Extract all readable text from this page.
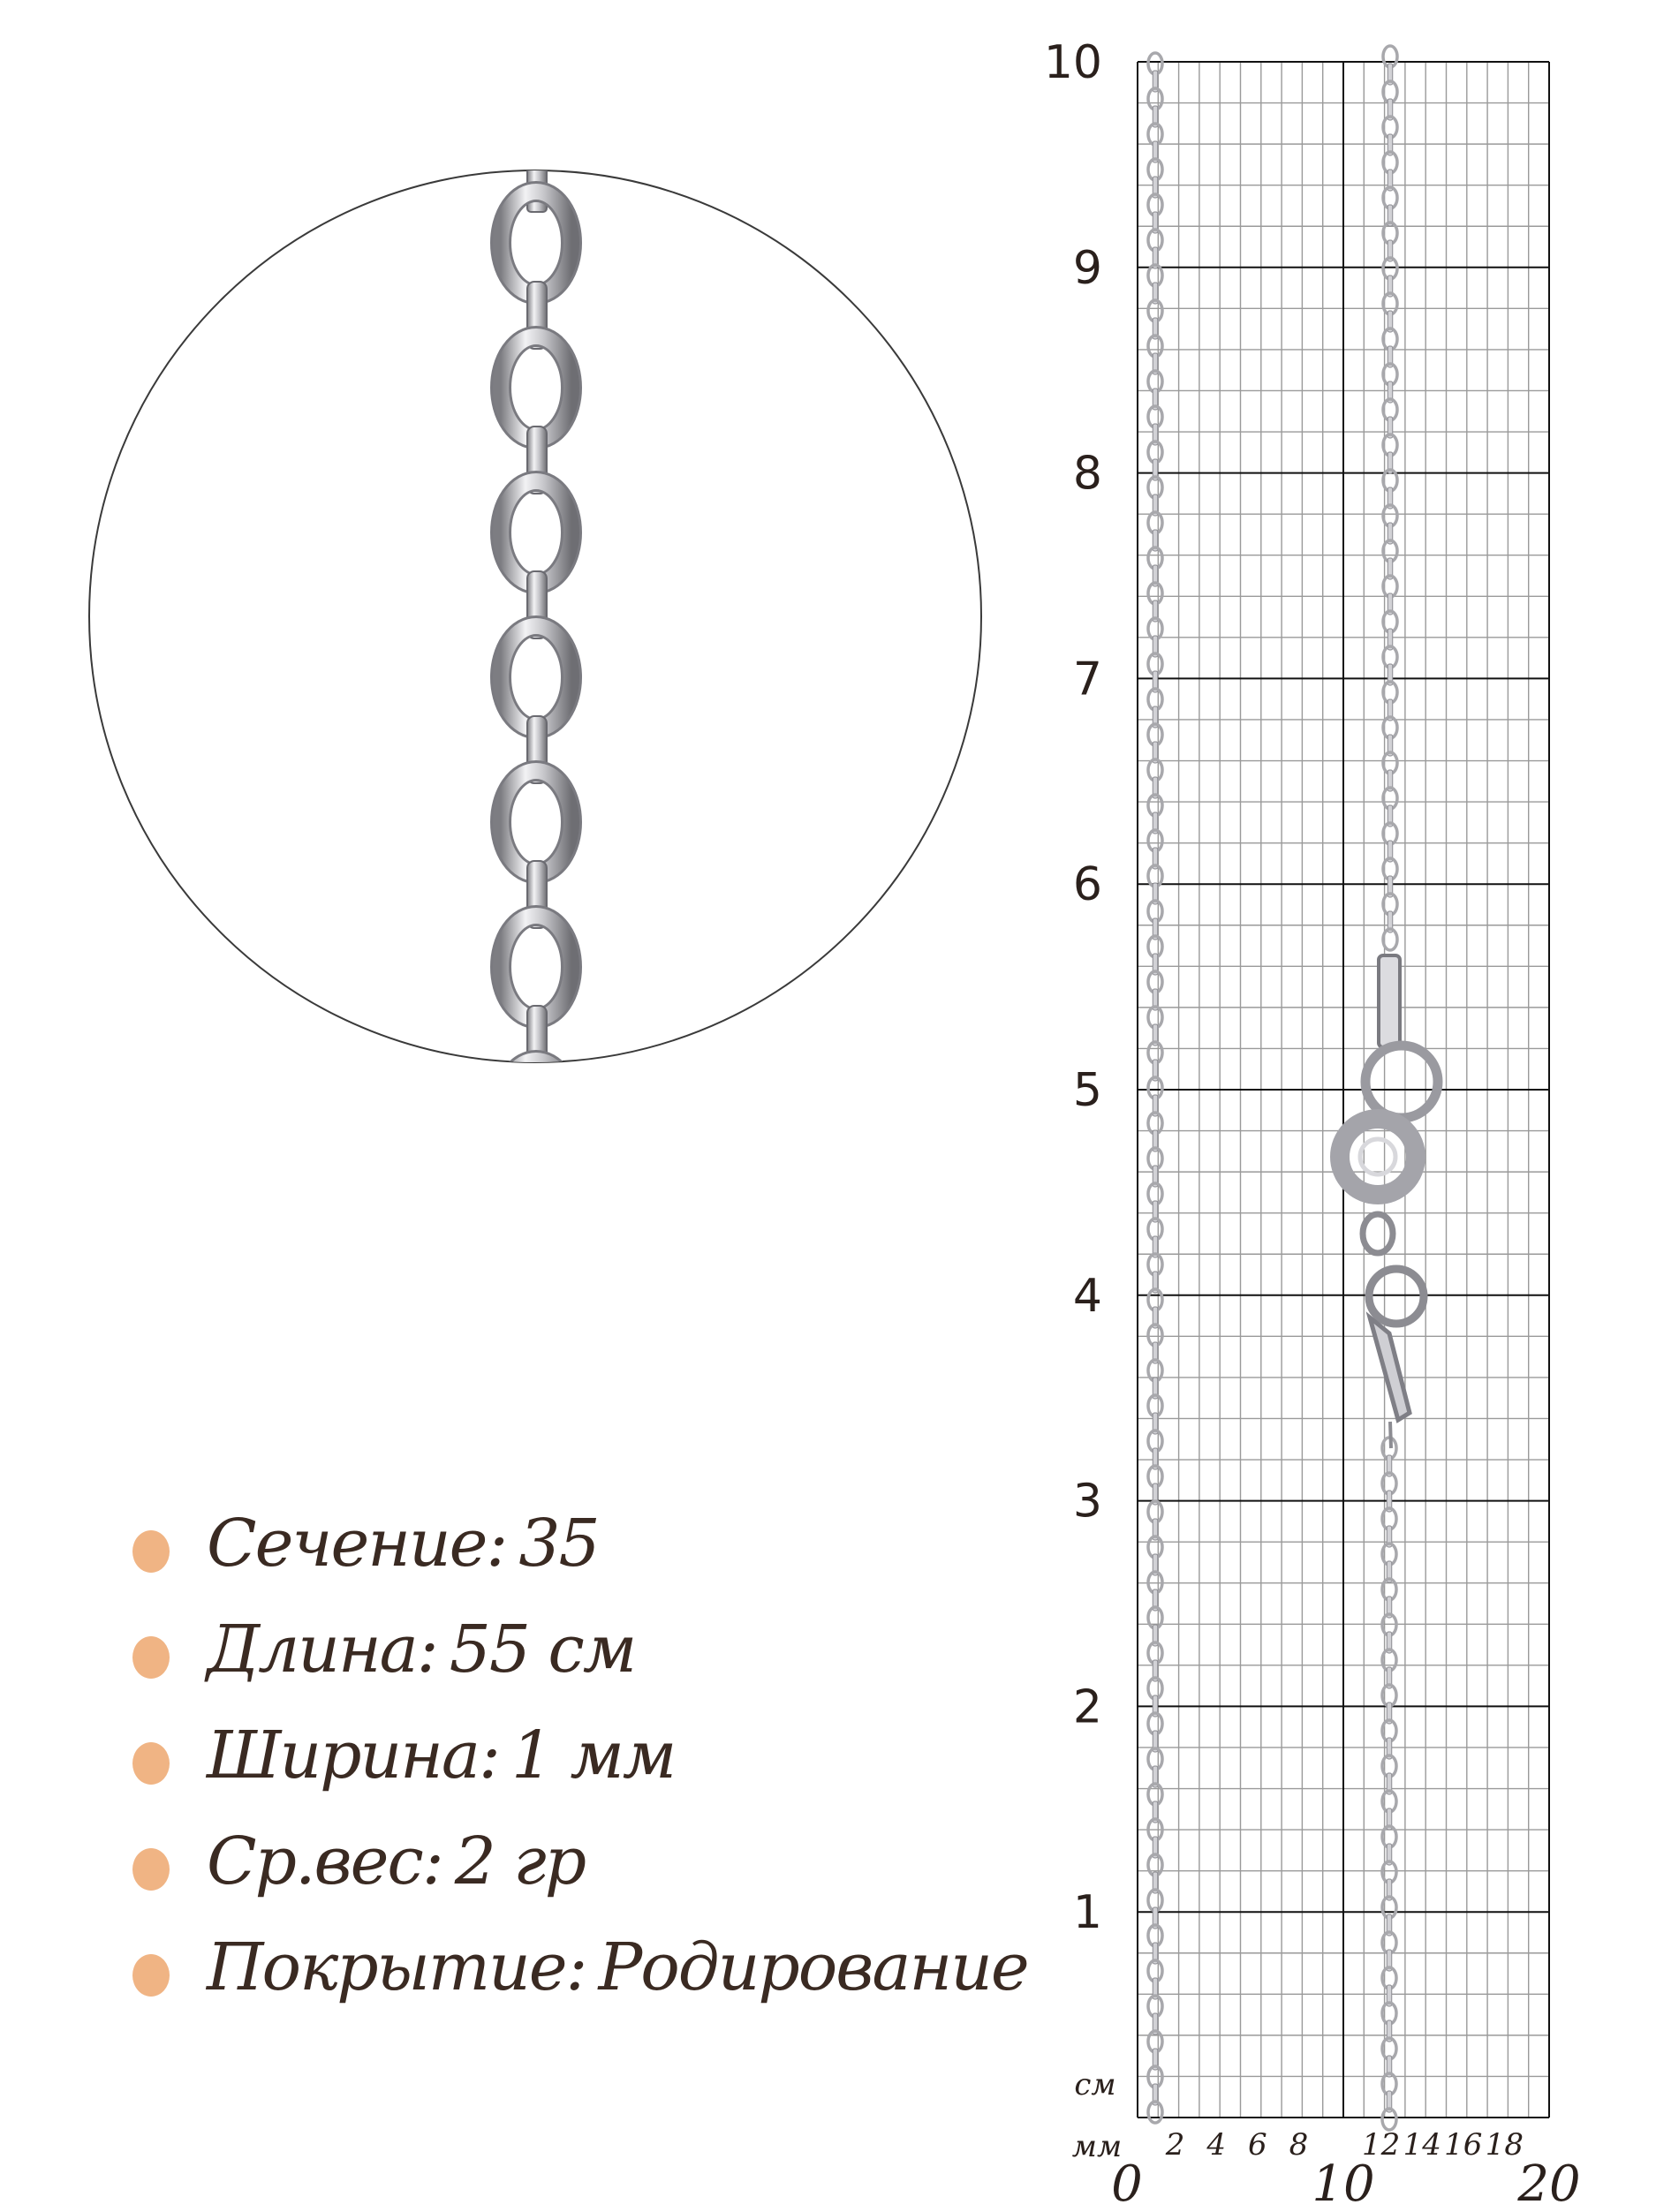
10
9
8
7
6
5
4
3
2
1
2 4 6 8 12 14 16 18
0	10	20
см
мм
Сечение: 35
Длина: 55 см
Ширина: 1 мм
Ср.вес: 2 гр
Покрытие: Родирование
